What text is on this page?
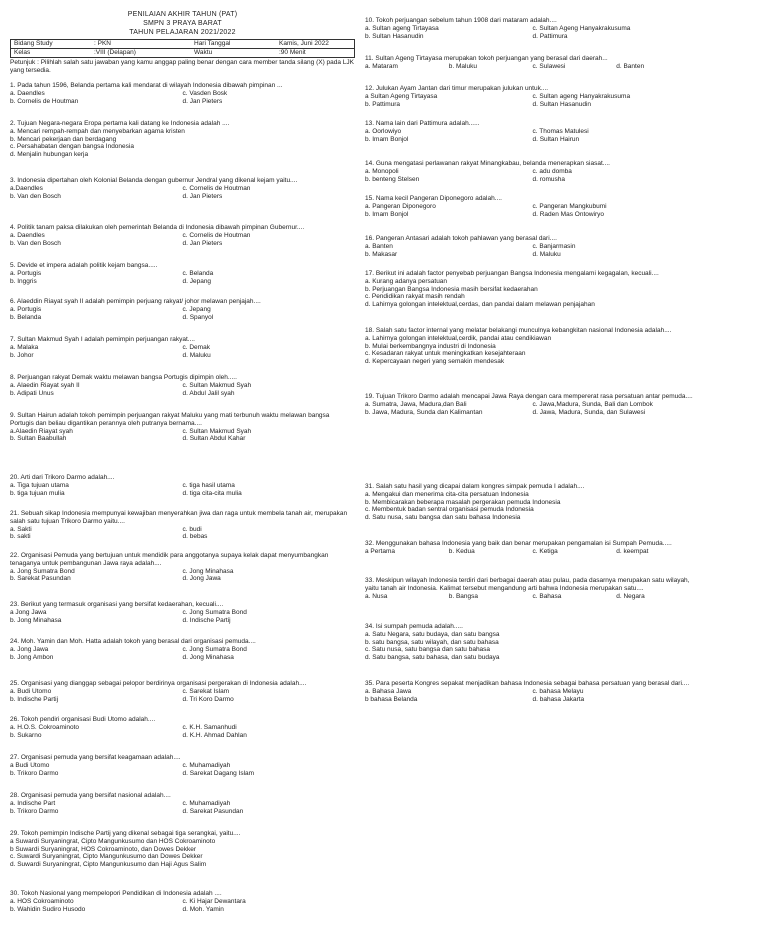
PENILAIAN AKHIR TAHUN (PAT)
SMPN 3 PRAYA BARAT
TAHUN PELAJARAN 2021/2022
Bidang Study	: PKN	Hari Tanggal	Kamis, Juni 2022
Kelas	:VIII (Delapan)	Waktu	:90 Menit
Petunjuk : Pilihlah salah satu jawaban yang kamu anggap paling benar dengan cara member tanda silang (X) pada LJK yang tersedia.
1. Pada tahun 1596, Belanda pertama kali mendarat di wilayah Indonesia dibawah pimpinan ...
a. Daendles	c. Vasden Bosk
b. Cornelis de Houtman	d. Jan Pieters
2. Tujuan Negara-negara Eropa pertama kali datang ke Indonesia adalah ....
a. Mencari rempah-rempah dan menyebarkan agama kristen
b. Mencari pekerjaan dan berdagang
c. Persahabatan dengan bangsa Indonesia
d. Menjalin hubungan kerja
3. Indonesia dipertahan oleh Kolonial Belanda dengan gubernur Jendral yang dikenal kejam yaitu....
a.Daendles	c. Cornelis de Houtman
b. Van den Bosch	d. Jan Pieters
4. Politik tanam paksa dilakukan oleh pemerintah Belanda di Indonesia dibawah pimpinan Gubernur....
a. Daendles	c. Cornelis de Houtman
b. Van den Bosch	d. Jan Pieters
5. Devide et impera adalah politik kejam bangsa.....
a. Portugis	c. Belanda
b. Inggris	d. Jepang
6. Alaeddin Riayat syah II adalah pemimpin perjuang rakyat/ johor melawan penjajah....
a. Portugis	c. Jepang
b. Belanda	d. Spanyol
7. Sultan Makmud Syah I adalah pemimpin perjuangan rakyat....
a. Malaka	c. Demak
b. Johor	d. Maluku
8. Perjuangan rakyat Demak waktu melawan bangsa Portugis dipimpin oleh.....
a. Alaedin Riayat syah II	c. Sultan Makmud Syah
b. Adipati Unus	d. Abdul Jalil syah
9. Sultan Hairun adalah tokoh pemimpin perjuangan rakyat Maluku yang mati terbunuh waktu melawan bangsa Portugis dan beliau digantikan perannya oleh putranya bernama....
a.Alaedin Riayat syah	c. Sultan Makmud Syah
b. Sultan Baabullah	d. Sultan Abdul Kahar
20. Arti dari Trikoro Darmo adalah....
a. Tiga tujuan utama	c. tiga hasil utama
b. tiga tujuan mulia	d. tiga cita-cita mulia
21. Sebuah sikap Indonesia mempunyai kewajiban menyerahkan jiwa dan raga untuk membela tanah air, merupakan salah satu tujuan Trikoro Darmo yaitu....
a. Sakti	c. budi
b. sakti	d. bebas
22. Organisasi Pemuda yang bertujuan untuk mendidik para anggotanya supaya kelak dapat menyumbangkan tenaganya untuk pembangunan Jawa raya adalah....
a. Jong Sumatra Bond	c. Jong Minahasa
b. Sarekat Pasundan	d. Jong Jawa
23. Berikut yang termasuk organisasi yang bersifat kedaerahan, kecuali....
a Jong Jawa	c. Jong Sumatra Bond
b. Jong Minahasa	d. Indische Partij
24. Moh. Yamin dan Moh. Hatta adalah tokoh yang berasal dari organisasi pemuda....
a. Jong Jawa	c. Jong Sumatra Bond
b. Jong Ambon	d. Jong Minahasa
25. Organisasi yang dianggap sebagai pelopor berdirinya organisasi pergerakan di Indonesia adalah....
a. Budi Utomo	c. Sarekat Islam
b. Indische Partij	d. Tri Koro Darmo
26. Tokoh pendiri organisasi Budi Utomo adalah....
a. H.O.S. Cokroaminoto	c. K.H. Samanhudi
b. Sukarno	d. K.H. Ahmad Dahlan
27. Organisasi pemuda yang bersifat keagamaan adalah....
a Budi Utomo	c. Muhamadiyah
b. Trikoro Darmo	d. Sarekat Dagang Islam
28. Organisasi pemuda yang bersifat nasional adalah....
a. Indische Part	c. Muhamadiyah
b. Trikoro Darmo	d. Sarekat Pasundan
29. Tokoh pemimpin Indische Partij yang dikenal sebagai tiga serangkai, yaitu....
a Suwardi Suryaningrat, Cipto Mangunkusumo dan HOS Cokroaminoto
b Suwardi Suryaningrat, HOS Cokroaminoto, dan Dowes Dekker
c. Suwardi Suryaningrat, Cipto Mangunkusumo dan Dowes Dekker
d. Suwardi Suryaningrat, Cipto Mangunkusumo dan Haji Agus Salim
30. Tokoh Nasional yang mempelopori Pendidikan di Indonesia adalah ....
a. HOS Cokroaminoto	c. Ki Hajar Dewantara
b. Wahidin Sudiro Husodo	d. Moh. Yamin
10. Tokoh perjuangan sebelum tahun 1908 dari mataram adalah....
a. Sultan ageng Tirtayasa	c. Sultan Ageng Hanyakrakusuma
b. Sultan Hasanudin	d. Pattimura
11. Sultan Ageng Tirtayasa merupakan tokoh perjuangan yang berasal dari daerah...
a. Mataram	b. Maluku	c. Sulawesi	d. Banten
12. Julukan Ayam Jantan dari timur merupakan julukan untuk....
a Sultan Ageng Tirtayasa	c. Sultan ageng Hanyakrakusuma
b. Pattimura	d. Sultan Hasanudin
13. Nama lain dari Pattimura adalah......
a. Oorlowiyo	c. Thomas Matulesi
b. Imam Bonjol	d. Sultan Hairun
14. Guna mengatasi perlawanan rakyat Minangkabau, belanda menerapkan siasat....
a. Monopoli	c. adu domba
b. benteng Stelsen	d. romusha
15. Nama kecil Pangeran Diponegoro adalah....
a. Pangeran Diponegoro	c. Pangeran Mangkubumi
b. Imam Bonjol	d. Raden Mas Ontowiryo
16. Pangeran Antasari adalah tokoh pahlawan yang berasal dari....
a. Banten	c. Banjarmasin
b. Makasar	d. Maluku
17. Berikut ini adalah factor penyebab perjuangan Bangsa Indonesia mengalami kegagalan, kecuali....
a. Kurang adanya persatuan
b. Perjuangan Bangsa Indonesia masih bersifat kedaerahan
c. Pendidikan rakyat masih rendah
d. Lahirnya golongan intelektual,cerdas, dan pandai dalam melawan penjajahan
18. Salah satu factor internal yang melatar belakangi munculnya kebangkitan nasional Indonesia adalah....
a. Lahirnya golongan intelektual,cerdik, pandai atau cendikiawan
b. Mulai berkembangnya industri di Indonesia
c. Kesadaran rakyat untuk meningkatkan kesejahteraan
d. Kepercayaan negeri yang semakin mendesak
19. Tujuan Trikoro Darmo adalah mencapai Jawa Raya dengan cara mempererat rasa persatuan antar pemuda....
a. Sumatra, Jawa, Madura,dan Bali	c. Jawa,Madura, Sunda, Bali dan Lombok
b. Jawa, Madura, Sunda dan Kalimantan	d. Jawa, Madura, Sunda, dan Sulawesi
31. Salah satu hasil yang dicapai dalam kongres simpak pemuda I adalah....
a. Mengakui dan menerima cita-cita persatuan Indonesia
b. Membicarakan beberapa masalah pergerakan pemuda Indonesia
c. Membentuk badan sentral organisasi pemuda Indonesia
d. Satu nusa, satu bangsa dan satu bahasa Indonesia
32. Menggunakan bahasa Indonesia yang baik dan benar merupakan pengamalan isi Sumpah Pemuda.....
a Pertama	b. Kedua	c. Ketiga	d. keempat
33. Meskipun wilayah Indonesia terdiri dari berbagai daerah atau pulau, pada dasarnya merupakan satu wilayah, yaitu tanah air Indonesia. Kalimat tersebut mengandung arti bahwa Indonesia merupakan satu....
a. Nusa	b. Bangsa	c. Bahasa	d. Negara
34. Isi sumpah pemuda adalah.....
a. Satu Negara, satu budaya, dan satu bangsa
b. satu bangsa, satu wilayah, dan satu bahasa
c. Satu nusa, satu bangsa dan satu bahasa
d. Satu bangsa, satu bahasa, dan satu budaya
35. Para peserta Kongres sepakat menjadikan bahasa Indonesia sebagai bahasa persatuan yang berasal dari....
a. Bahasa Jawa	c. bahasa Melayu
b bahasa Belanda	d. bahasa Jakarta
